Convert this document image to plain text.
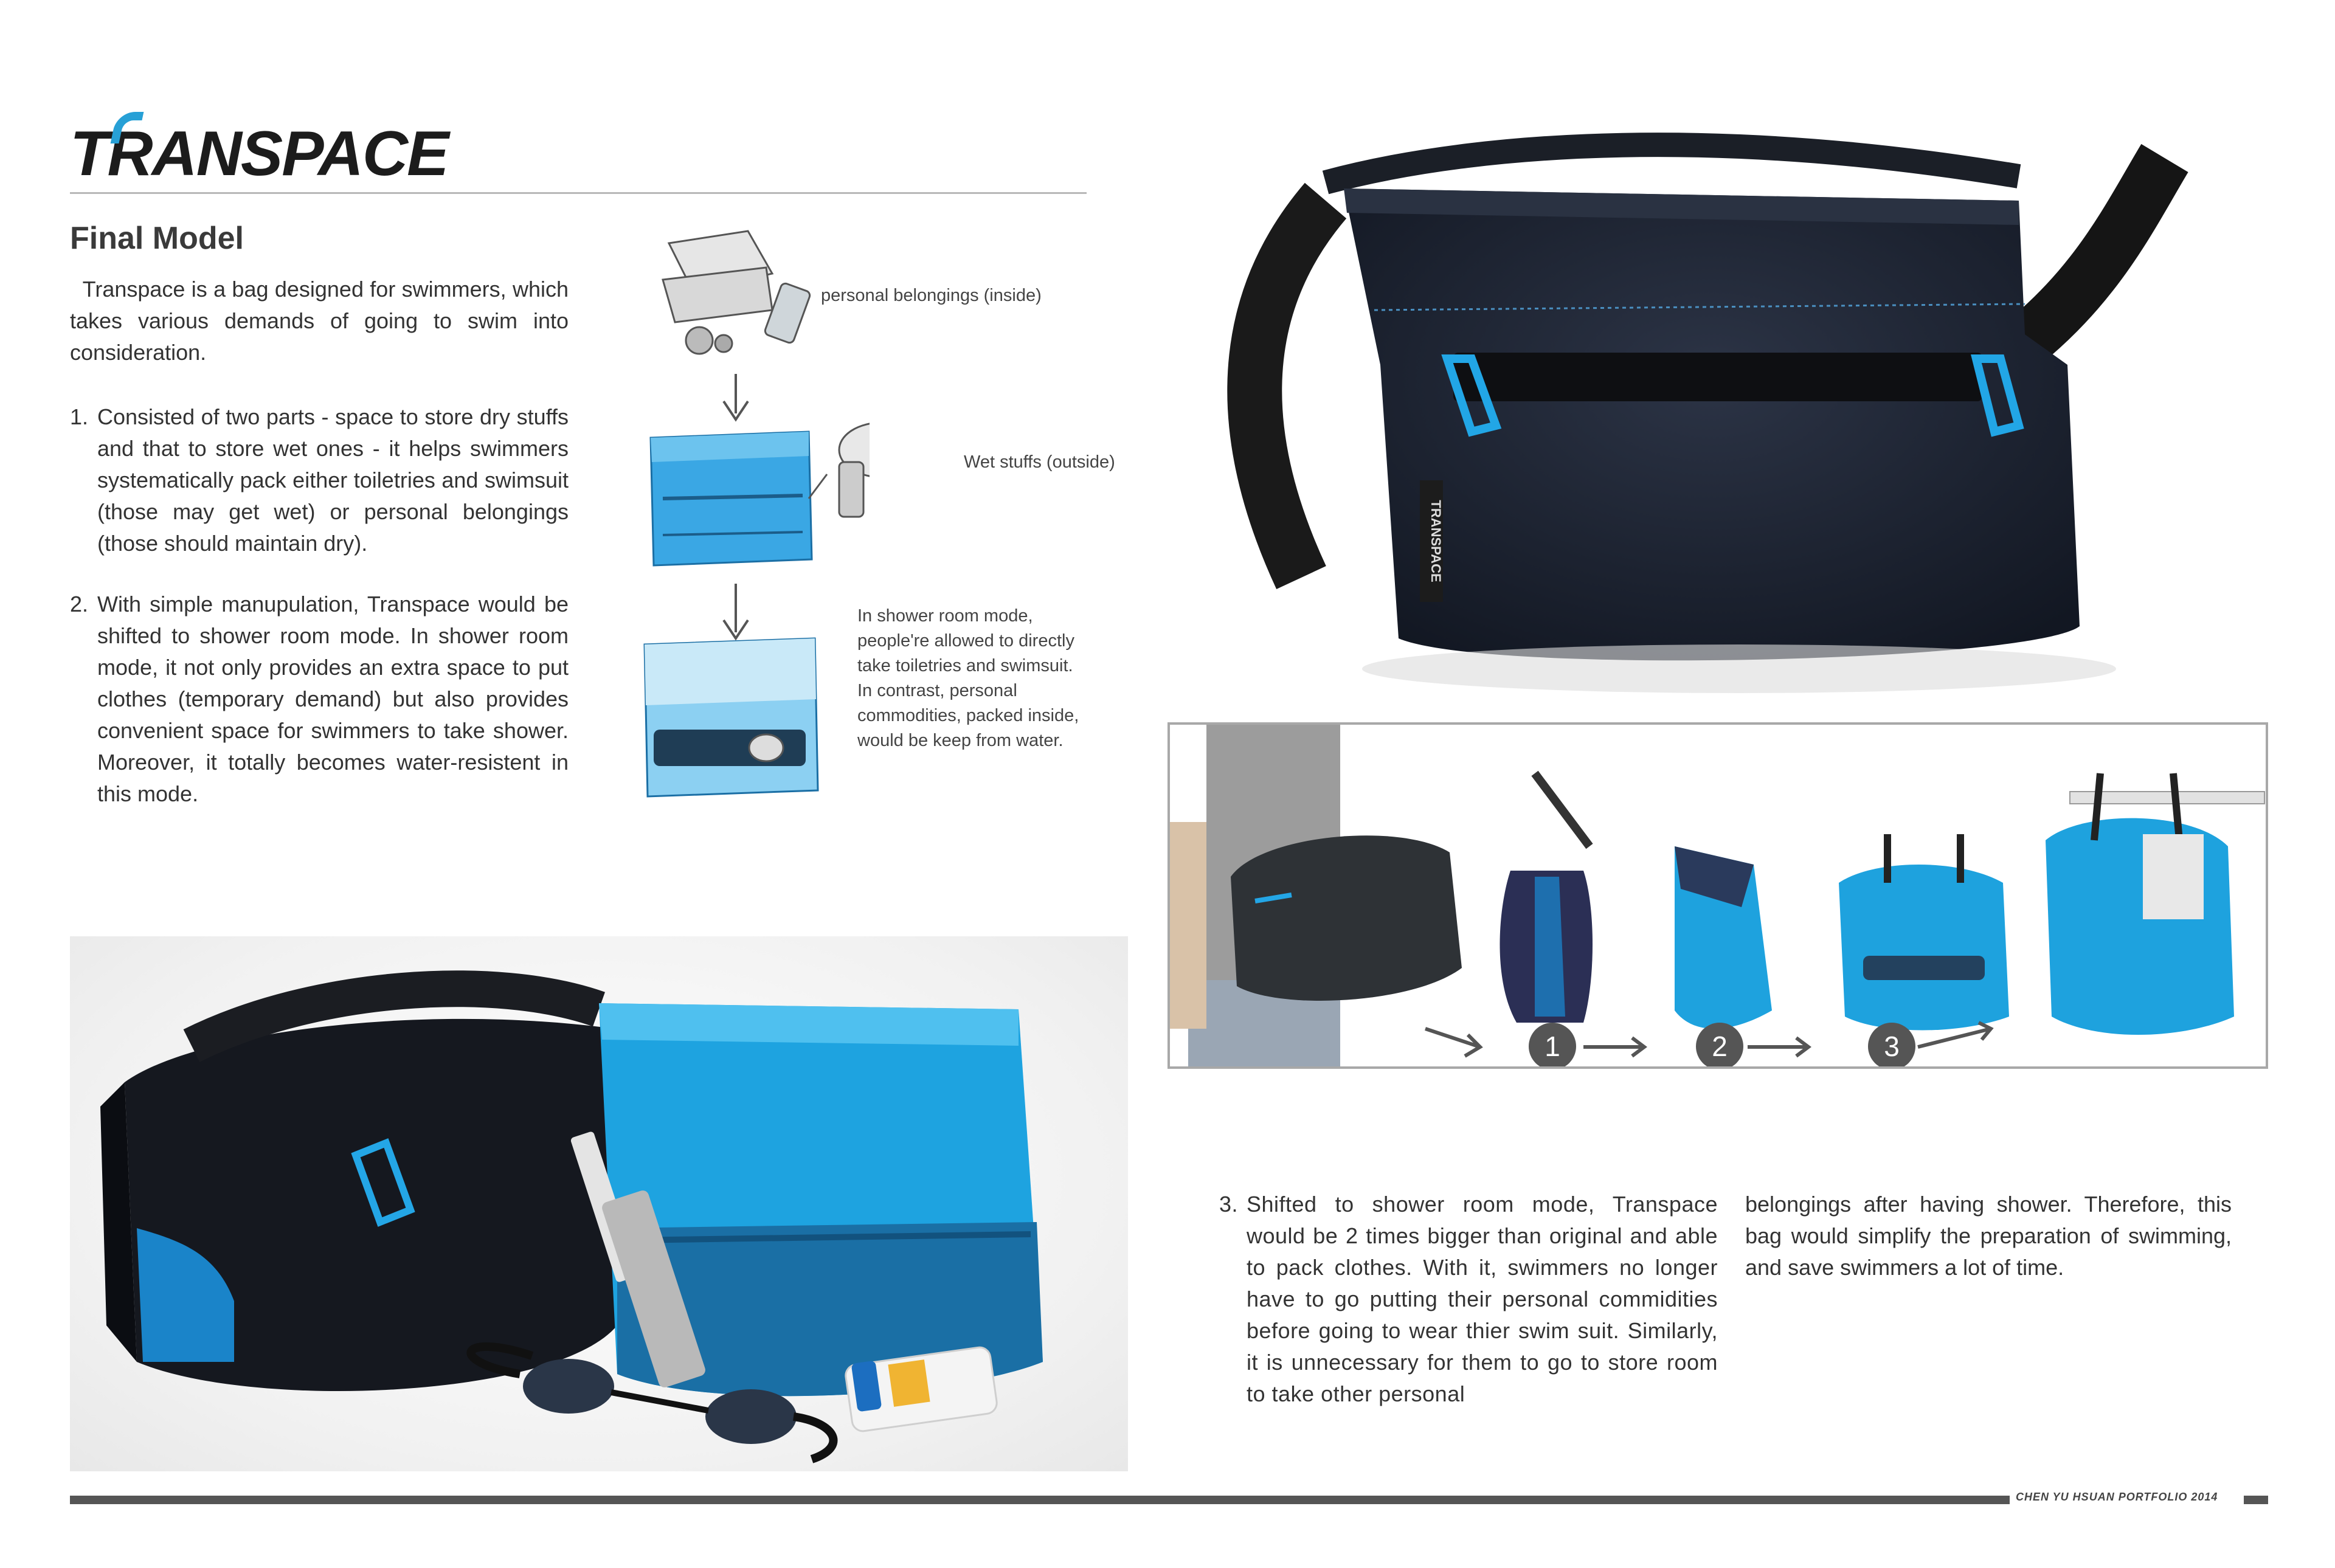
TR
ANSPACE
Final Model

Transpace is a bag designed for swimmers, which takes various demands of going to swim into consideration.

1. Consisted of two parts - space to store dry stuffs and that to store wet ones - it helps swimmers systematically pack either toiletries and swimsuit (those may get wet) or personal belongings (those should maintain dry).
2. With simple manupulation, Transpace would be shifted to shower room mode. In shower room mode, it not only provides an extra space to put clothes (temporary demand) but also provides convenient space for swimmers to take shower. Moreover, it totally becomes water-resistent in this mode.
personal belongings (inside)
Wet stuffs (outside)
In shower room mode, people're allowed to directly take toiletries and swimsuit. In contrast, personal commodities, packed inside, would be keep from water.
TRANSPACE
1	2	3
3. Shifted to shower room mode, Transpace would be 2 times bigger than original and able to pack clothes. With it, swimmers no longer have to go putting their personal commidities before going to wear thier swim suit. Similarly, it is unnecessary for them to go to store room to take other personal
belongings after having shower. Therefore, this bag would simplify the preparation of swimming, and save swimmers a lot of time.
CHEN YU HSUAN PORTFOLIO 2014
